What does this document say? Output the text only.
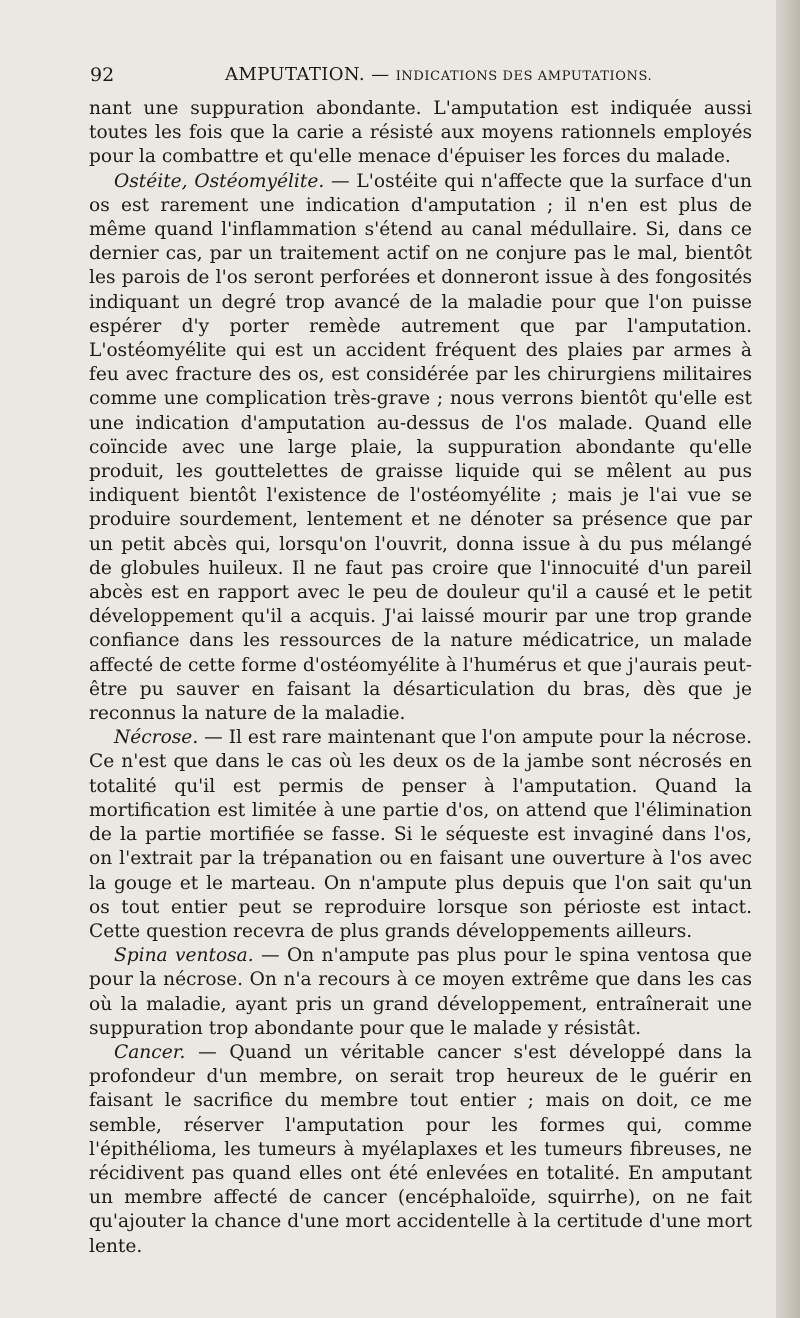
92	AMPUTATION. — INDICATIONS DES AMPUTATIONS.

nant une suppuration abondante. L'amputation est indiquée aussi toutes les fois que la carie a résisté aux moyens rationnels employés pour la combattre et qu'elle menace d'épuiser les forces du malade.

Ostéite, Ostéomyélite. — L'ostéite qui n'affecte que la surface d'un os est rarement une indication d'amputation ; il n'en est plus de même quand l'inflammation s'étend au canal médullaire. Si, dans ce dernier cas, par un traitement actif on ne conjure pas le mal, bientôt les parois de l'os seront perforées et donneront issue à des fongosités indiquant un degré trop avancé de la maladie pour que l'on puisse espérer d'y porter remède autrement que par l'amputation. L'ostéomyélite qui est un accident fréquent des plaies par armes à feu avec fracture des os, est considérée par les chirurgiens militaires comme une complication très-grave ; nous verrons bientôt qu'elle est une indication d'amputation au-dessus de l'os malade. Quand elle coïncide avec une large plaie, la suppuration abondante qu'elle produit, les gouttelettes de graisse liquide qui se mêlent au pus indiquent bientôt l'existence de l'ostéomyélite ; mais je l'ai vue se produire sourdement, lentement et ne dénoter sa présence que par un petit abcès qui, lorsqu'on l'ouvrit, donna issue à du pus mélangé de globules huileux. Il ne faut pas croire que l'innocuité d'un pareil abcès est en rapport avec le peu de douleur qu'il a causé et le petit développement qu'il a acquis. J'ai laissé mourir par une trop grande confiance dans les ressources de la nature médicatrice, un malade affecté de cette forme d'ostéomyélite à l'humérus et que j'aurais peut-être pu sauver en faisant la désarticulation du bras, dès que je reconnus la nature de la maladie.

Nécrose. — Il est rare maintenant que l'on ampute pour la nécrose. Ce n'est que dans le cas où les deux os de la jambe sont nécrosés en totalité qu'il est permis de penser à l'amputation. Quand la mortification est limitée à une partie d'os, on attend que l'élimination de la partie mortifiée se fasse. Si le séqueste est invaginé dans l'os, on l'extrait par la trépanation ou en faisant une ouverture à l'os avec la gouge et le marteau. On n'ampute plus depuis que l'on sait qu'un os tout entier peut se reproduire lorsque son périoste est intact. Cette question recevra de plus grands développements ailleurs.

Spina ventosa. — On n'ampute pas plus pour le spina ventosa que pour la nécrose. On n'a recours à ce moyen extrême que dans les cas où la maladie, ayant pris un grand développement, entraînerait une suppuration trop abondante pour que le malade y résistât.

Cancer. — Quand un véritable cancer s'est développé dans la profondeur d'un membre, on serait trop heureux de le guérir en faisant le sacrifice du membre tout entier ; mais on doit, ce me semble, réserver l'amputation pour les formes qui, comme l'épithélioma, les tumeurs à myélaplaxes et les tumeurs fibreuses, ne récidivent pas quand elles ont été enlevées en totalité. En amputant un membre affecté de cancer (encéphaloïde, squirrhe), on ne fait qu'ajouter la chance d'une mort accidentelle à la certitude d'une mort lente.
